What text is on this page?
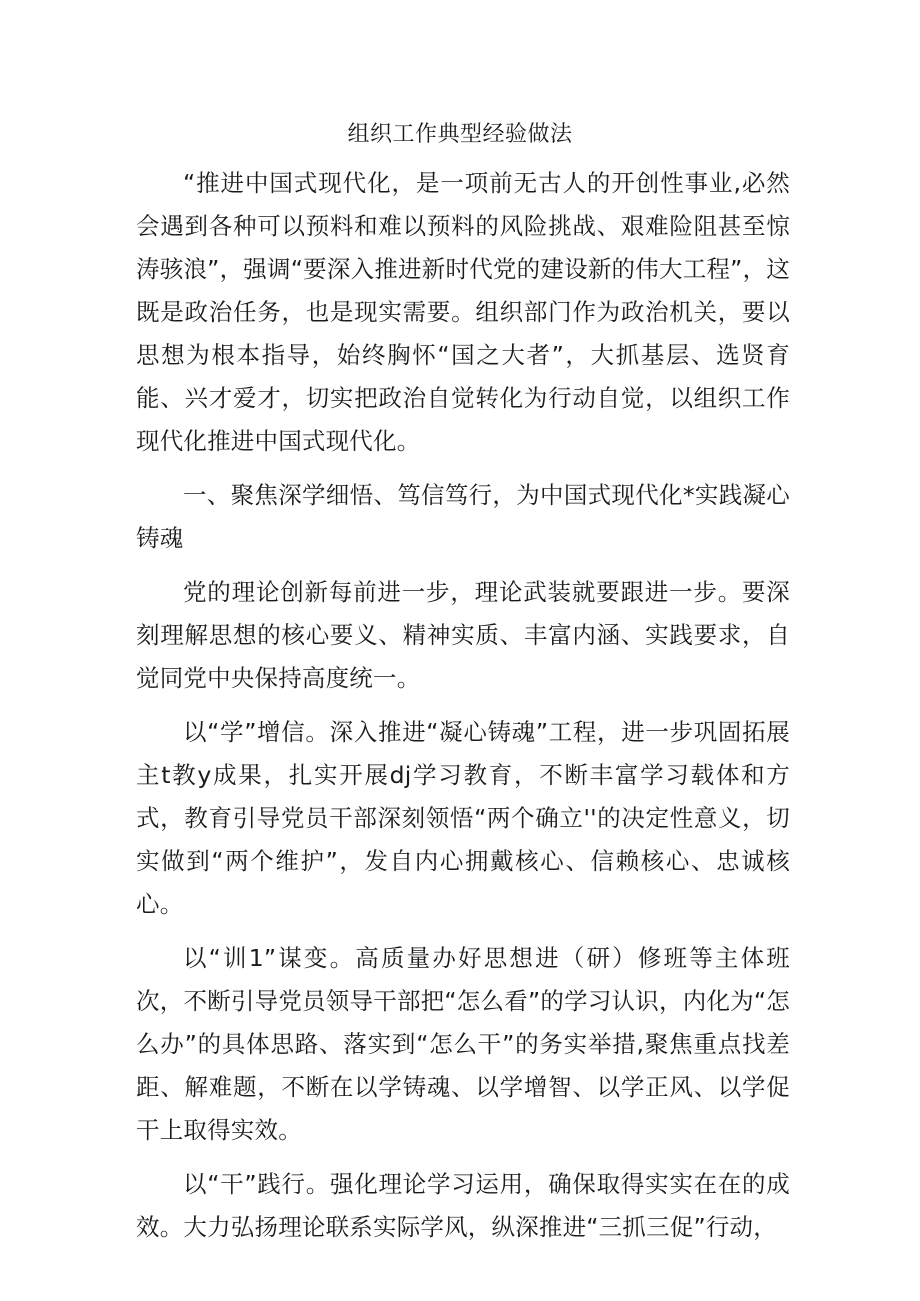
组织工作典型经验做法

“推进中国式现代化，是一项前无古人的开创性事业,必然会遇到各种可以预料和难以预料的风险挑战、艰难险阻甚至惊涛骇浪”，强调“要深入推进新时代党的建设新的伟大工程”，这既是政治任务，也是现实需要。组织部门作为政治机关，要以思想为根本指导，始终胸怀“国之大者”，大抓基层、选贤育能、兴才爱才，切实把政治自觉转化为行动自觉，以组织工作现代化推进中国式现代化。

一、聚焦深学细悟、笃信笃行，为中国式现代化*实践凝心铸魂

党的理论创新每前进一步，理论武装就要跟进一步。要深刻理解思想的核心要义、精神实质、丰富内涵、实践要求，自觉同党中央保持高度统一。

以“学”增信。深入推进“凝心铸魂”工程，进一步巩固拓展主t教y成果，扎实开展dj学习教育，不断丰富学习载体和方式，教育引导党员干部深刻领悟“两个确立''的决定性意义，切实做到“两个维护”，发自内心拥戴核心、信赖核心、忠诚核心。

以“训1”谋变。高质量办好思想进（研）修班等主体班次，不断引导党员领导干部把“怎么看”的学习认识，内化为“怎么办”的具体思路、落实到“怎么干”的务实举措,聚焦重点找差距、解难题，不断在以学铸魂、以学增智、以学正风、以学促干上取得实效。

以“干”践行。强化理论学习运用，确保取得实实在在的成效。大力弘扬理论联系实际学风，纵深推进“三抓三促”行动，
